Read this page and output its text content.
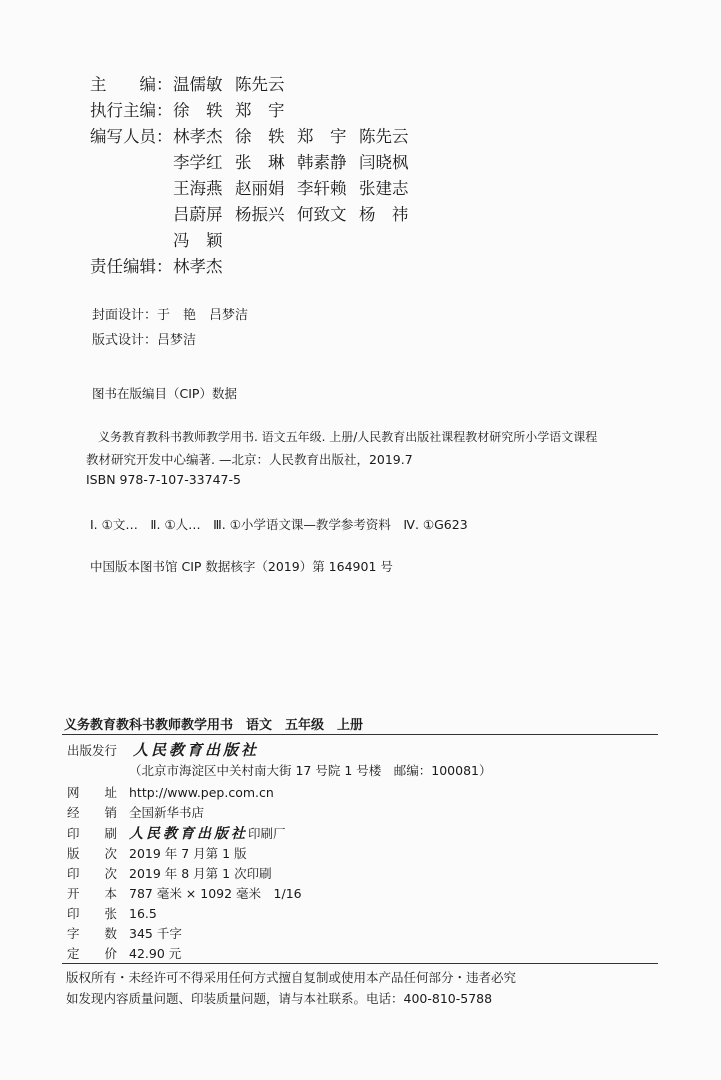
主　　编：温儒敏 陈先云
执行主编：徐　轶 郑　宇
编写人员：林孝杰 徐　轶 郑　宇 陈先云
李学红 张　琳 韩素静 闫晓枫
王海燕 赵丽娟 李轩赖 张建志
吕蔚屏 杨振兴 何致文 杨　祎
冯　颖
责任编辑：林孝杰
封面设计：于　艳　吕梦洁
版式设计：吕梦洁
图书在版编目（CIP）数据
义务教育教科书教师教学用书. 语文五年级. 上册/人民教育出版社课程教材研究所小学语文课程
教材研究开发中心编著. —北京：人民教育出版社，2019.7
ISBN 978-7-107-33747-5
Ⅰ. ①文…　Ⅱ. ①人…　Ⅲ. ①小学语文课—教学参考资料　Ⅳ. ①G623
中国版本图书馆 CIP 数据核字（2019）第 164901 号
义务教育教科书教师教学用书　语文　五年级　上册
出版发行 人民教育出版社
（北京市海淀区中关村南大街 17 号院 1 号楼　邮编：100081）
网　　址 http://www.pep.com.cn
经　　销 全国新华书店
印　　刷 人民教育出版社印刷厂
版　　次 2019 年 7 月第 1 版
印　　次 2019 年 8 月第 1 次印刷
开　　本 787 毫米 × 1092 毫米　1/16
印　　张 16.5
字　　数 345 千字
定　　价 42.90 元
版权所有・未经许可不得采用任何方式擅自复制或使用本产品任何部分・违者必究
如发现内容质量问题、印装质量问题，请与本社联系。电话：400-810-5788
